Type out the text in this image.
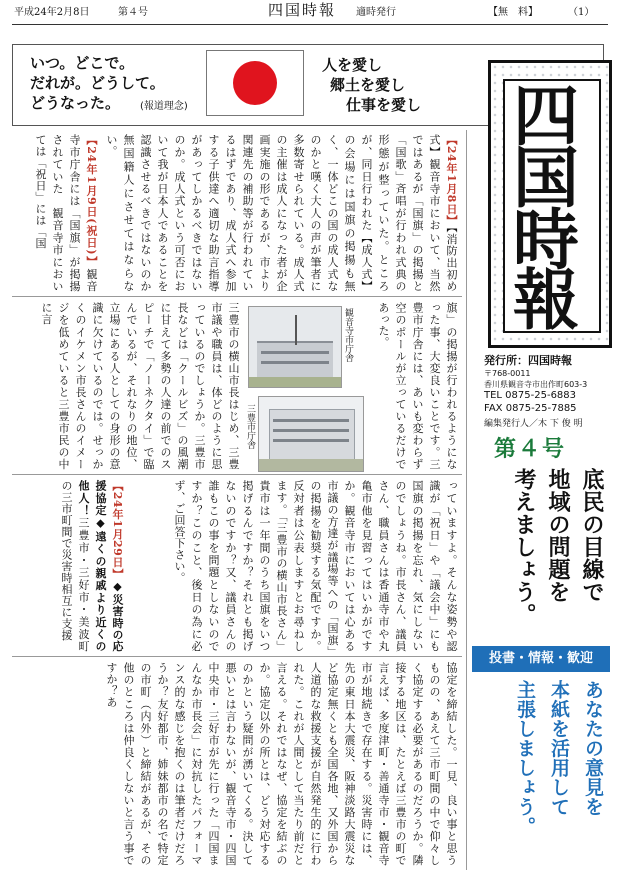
平成24年2月8日	第４号	四国時報 適時発行	【無　料】	（1）
いつ。どこで。
だれが。どうして。
どうなった。 (報道理念)
人を愛し
郷土を愛し
仕事を愛し 四
国
時
報
発行所：四国時報
〒768-0011
香川県観音寺市出作町603-3
TEL 0875-25-6883
FAX 0875-25-7885
編集発行人／木 下 俊 明
第４号
底民の目線で
地域の問題を
考えましょう。
投書・情報・歓迎
あなたの意見を
本紙を活用して
主張しましょう。
【24年1月9日(祝日)】観音寺市庁舎には「国旗」が掲揚されていた　観音寺市においては「祝日」には「国	【24年1月8日】【消防出初め式】観音寺市において、当然ではあるが「国旗」の掲揚と「国歌」斉唱が行われ式典の形態が整っていた。ところが、同日行われた【成人式】の会場には国旗の掲揚も無く、一体どこの国の成人式なのかと嘆く大人の声が筆者に多数寄せられている。成人式の主催は成人になった者が企画実施の形であるが、市より関連先の補助等が行われているはずであり、成人式へ参加する子供達へ適切な助言指導があってしかるべきではないのか。成人式という可否において我が日本人であることを認識させるべきではないのか　無国籍人にさせてはならない。
旗」の掲揚が行われるようになった事、大変良いことです。三豊市庁舎には、あいも変わらず空のポールが立っているだけであった。
観音寺市庁舎
三豊市庁舎
三豊市の横山市長はじめ、三豊市議や職員は、体どのように思っているのでしょうか。三豊市長などは「クールビズ」の風潮に甘えて多勢の人達の前でのスピーチで「ノーネクタイ」で臨んでいるが、それなりの地位、立場にある人としての身形の意識に欠けているのでは。せっかくのイケメン市長さんのイメージを低めていると三豊市民の中に言
っていますよ。そんな姿勢や認識が「祝日」や「議会中」にも国旗の掲揚を忘れ、気にしないのでしょうね。市長さん、議員さん、職員さんは香通寺市や丸亀市他を見習ってはいかがですか。観音寺市においては心ある市議の方達が議場等への「国旗」の掲揚を勧奨する気配ですか。反対者は公表しますとお尋ねします。「三豊市の横山市長さん」貴市は一年間のうち国旗をいつ掲げるんですか？それとも掲げないのですか？又、議員さんの誰もこの事を問題としないのですか？このこと、後日の為に必ず、ご回答下さい。
【24年1月29日】◆災害時の応援協定◆遠くの親戚より近くの他人！三豊市・三好市・美波町の三市町間で災害時相互に支援
協定を締結した。一見、良い事と思うものの、あえて三市町間の中で仰々しく協定する必要があるのだろうか。隣接する地区は、たとえば三豊市の町で言えば、多度津町・善通寺市・観音寺市が地続きで存在する。災害時には、先の東日本大震災、阪神淡路大震災など協定無くとも全国各地、又外国から人道的な救援支援が自然発生的に行われた。これが人間として当たり前だと言える。それではなぜ、協定を結ぶのか。協定以外の所とは、どう対応するのかという疑問が湧いてくる。決して悪いとは言わないが、観音寺市・四国中央市・三好市が先に行った「四国まんなか市長会」に対抗したパフォーマンス的な感じを抱くのは筆者だけだろうか？友好都市、姉妹都市の名で特定の市町（内外）と締結があるが、その他のところは仲良くしないと言う事ですか？あ
